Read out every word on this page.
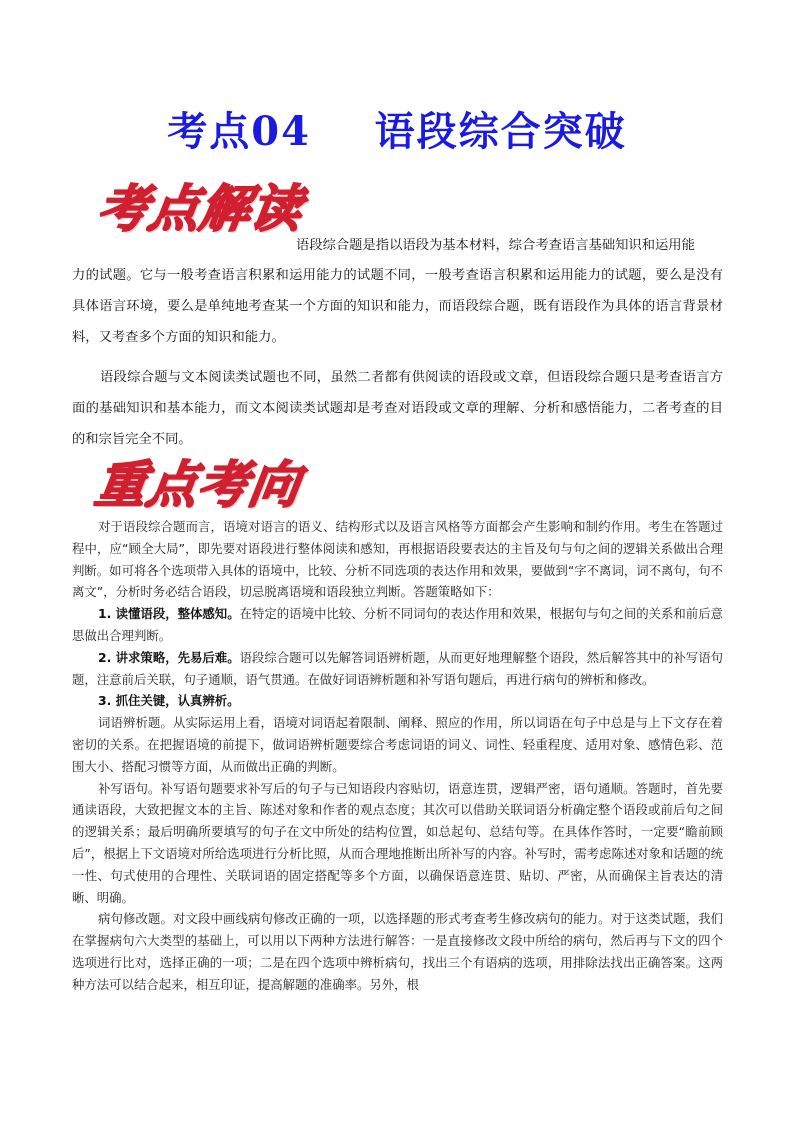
考点04    语段综合突破
考点解读

语段综合题是指以语段为基本材料，综合考查语言基础知识和运用能

力的试题。它与一般考查语言积累和运用能力的试题不同，一般考查语言积累和运用能力的试题，要么是没有具体语言环境，要么是单纯地考查某一个方面的知识和能力，而语段综合题，既有语段作为具体的语言背景材料，又考查多个方面的知识和能力。

语段综合题与文本阅读类试题也不同，虽然二者都有供阅读的语段或文章，但语段综合题只是考查语言方面的基础知识和基本能力，而文本阅读类试题却是考查对语段或文章的理解、分析和感悟能力，二者考查的目的和宗旨完全不同。

重点考向

对于语段综合题而言，语境对语言的语义、结构形式以及语言风格等方面都会产生影响和制约作用。考生在答题过程中，应“顾全大局”，即先要对语段进行整体阅读和感知，再根据语段要表达的主旨及句与句之间的逻辑关系做出合理判断。如可将各个选项带入具体的语境中，比较、分析不同选项的表达作用和效果，要做到“字不离词，词不离句，句不离文”，分析时务必结合语段，切忌脱离语境和语段独立判断。答题策略如下：

1. 读懂语段，整体感知。在特定的语境中比较、分析不同词句的表达作用和效果，根据句与句之间的关系和前后意思做出合理判断。

2. 讲求策略，先易后难。语段综合题可以先解答词语辨析题，从而更好地理解整个语段，然后解答其中的补写语句题，注意前后关联，句子通顺，语气贯通。在做好词语辨析题和补写语句题后，再进行病句的辨析和修改。

3. 抓住关键，认真辨析。

词语辨析题。从实际运用上看，语境对词语起着限制、阐释、照应的作用，所以词语在句子中总是与上下文存在着密切的关系。在把握语境的前提下，做词语辨析题要综合考虑词语的词义、词性、轻重程度、适用对象、感情色彩、范围大小、搭配习惯等方面，从而做出正确的判断。

补写语句。补写语句题要求补写后的句子与已知语段内容贴切，语意连贯，逻辑严密，语句通顺。答题时，首先要通读语段，大致把握文本的主旨、陈述对象和作者的观点态度；其次可以借助关联词语分析确定整个语段或前后句之间的逻辑关系；最后明确所要填写的句子在文中所处的结构位置，如总起句、总结句等。在具体作答时，一定要“瞻前顾后”，根据上下文语境对所给选项进行分析比照，从而合理地推断出所补写的内容。补写时，需考虑陈述对象和话题的统一性、句式使用的合理性、关联词语的固定搭配等多个方面，以确保语意连贯、贴切、严密，从而确保主旨表达的清晰、明确。

病句修改题。对文段中画线病句修改正确的一项，以选择题的形式考查考生修改病句的能力。对于这类试题，我们在掌握病句六大类型的基础上，可以用以下两种方法进行解答：一是直接修改文段中所给的病句，然后再与下文的四个选项进行比对，选择正确的一项；二是在四个选项中辨析病句，找出三个有语病的选项，用排除法找出正确答案。这两种方法可以结合起来，相互印证，提高解题的准确率。另外，根
